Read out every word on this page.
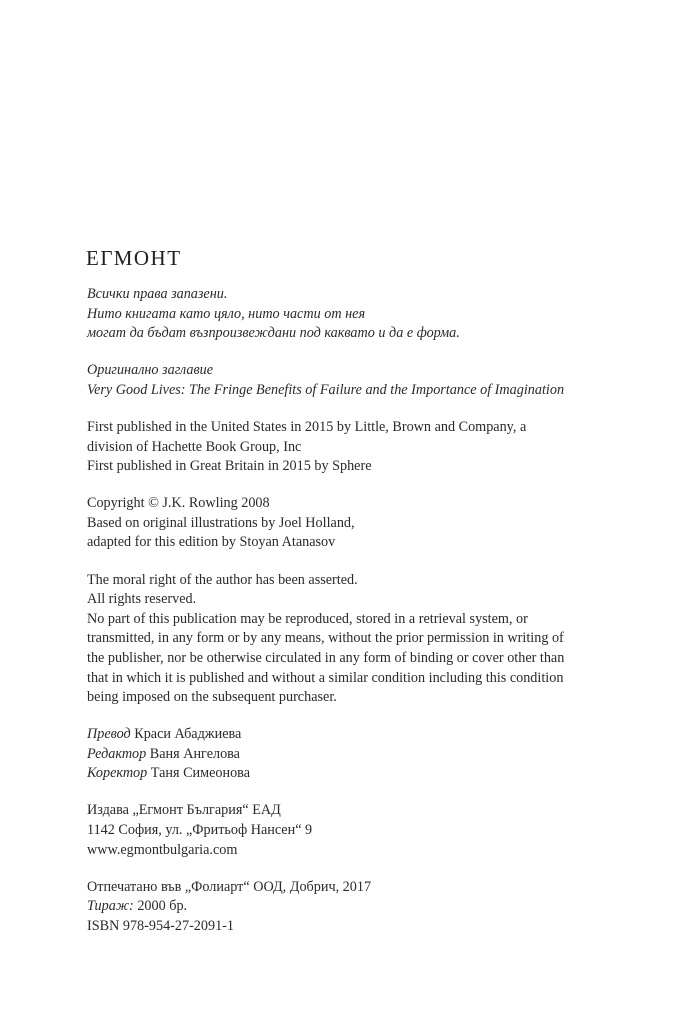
ЕГМОНТ
Всички права запазени.
Нито книгата като цяло, нито части от нея
могат да бъдат възпроизвеждани под каквато и да е форма.
Оригинално заглавие
Very Good Lives: The Fringe Benefits of Failure and the Importance of Imagination
First published in the United States in 2015 by Little, Brown and Company, a
division of Hachette Book Group, Inc
First published in Great Britain in 2015 by Sphere
Copyright © J.K. Rowling 2008
Based on original illustrations by Joel Holland,
adapted for this edition by Stoyan Atanasov
The moral right of the author has been asserted.
All rights reserved.
No part of this publication may be reproduced, stored in a retrieval system, or
transmitted, in any form or by any means, without the prior permission in writing of
the publisher, nor be otherwise circulated in any form of binding or cover other than
that in which it is published and without a similar condition including this condition
being imposed on the subsequent purchaser.
Превод Краси Абаджиева
Редактор Ваня Ангелова
Коректор Таня Симеонова
Издава „Егмонт България“ ЕАД
1142 София, ул. „Фритьоф Нансен“ 9
www.egmontbulgaria.com
Отпечатано във „Фолиарт“ ООД, Добрич, 2017
Тираж: 2000 бр.
ISBN 978-954-27-2091-1
